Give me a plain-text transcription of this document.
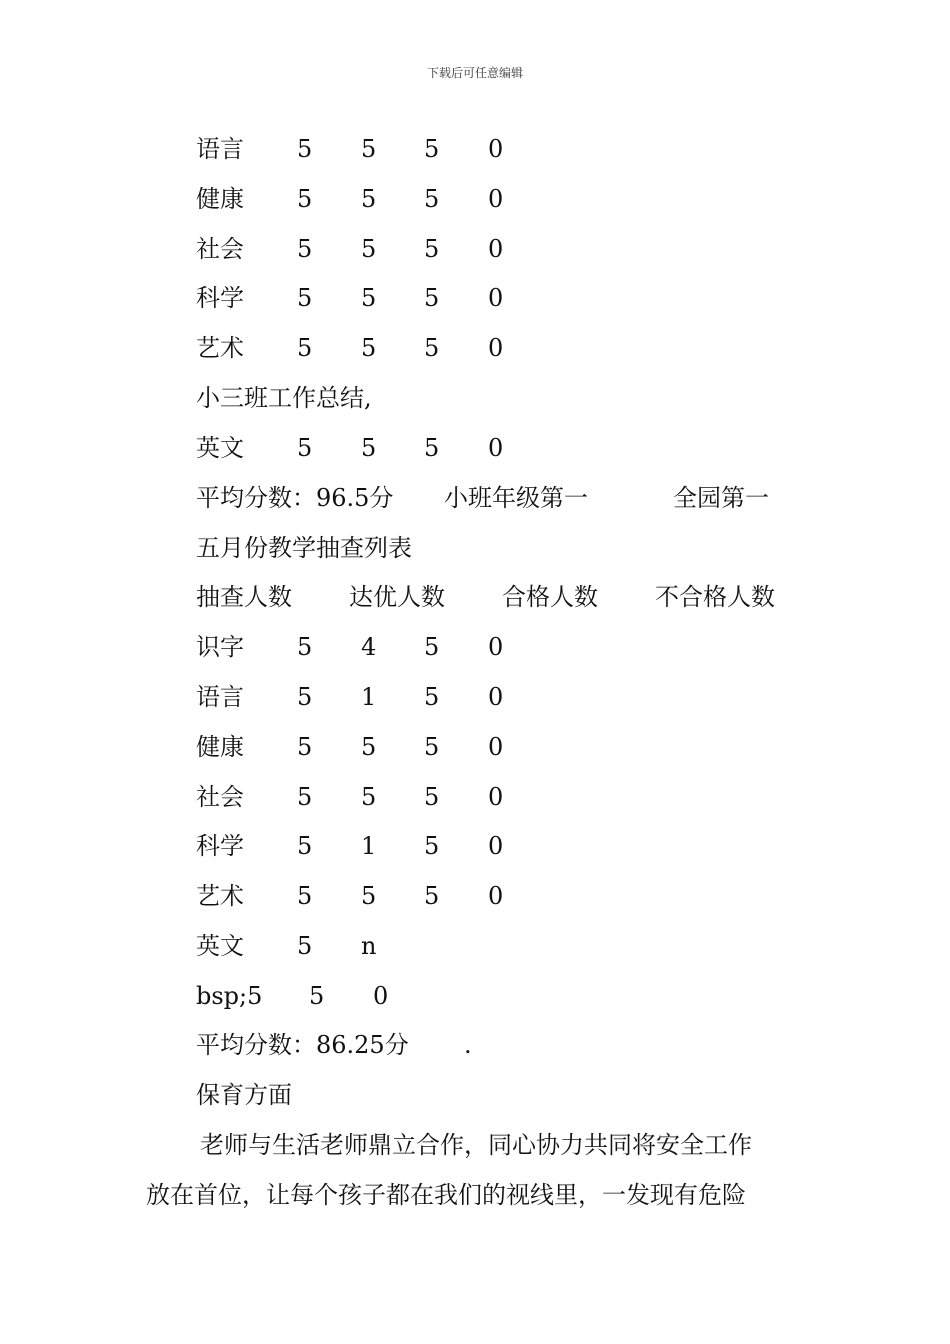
下载后可任意编辑
语言 5 5 5 0
健康 5 5 5 0
社会 5 5 5 0
科学 5 5 5 0
艺术 5 5 5 0
小三班工作总结,
英文 5 5 5 0
平均分数：96.5分 小班年级第一	全园第一
五月份教学抽查列表
抽查人数 达优人数 合格人数 不合格人数
识字 5 4 5 0
语言 5 1 5 0
健康 5 5 5 0
社会 5 5 5 0
科学 5 1 5 0
艺术 5 5 5 0
英文 5 n
bsp;5 5 0
平均分数：86.25分 .
保育方面
老师与生活老师鼎立合作，同心协力共同将安全工作
放在首位，让每个孩子都在我们的视线里，一发现有危险
